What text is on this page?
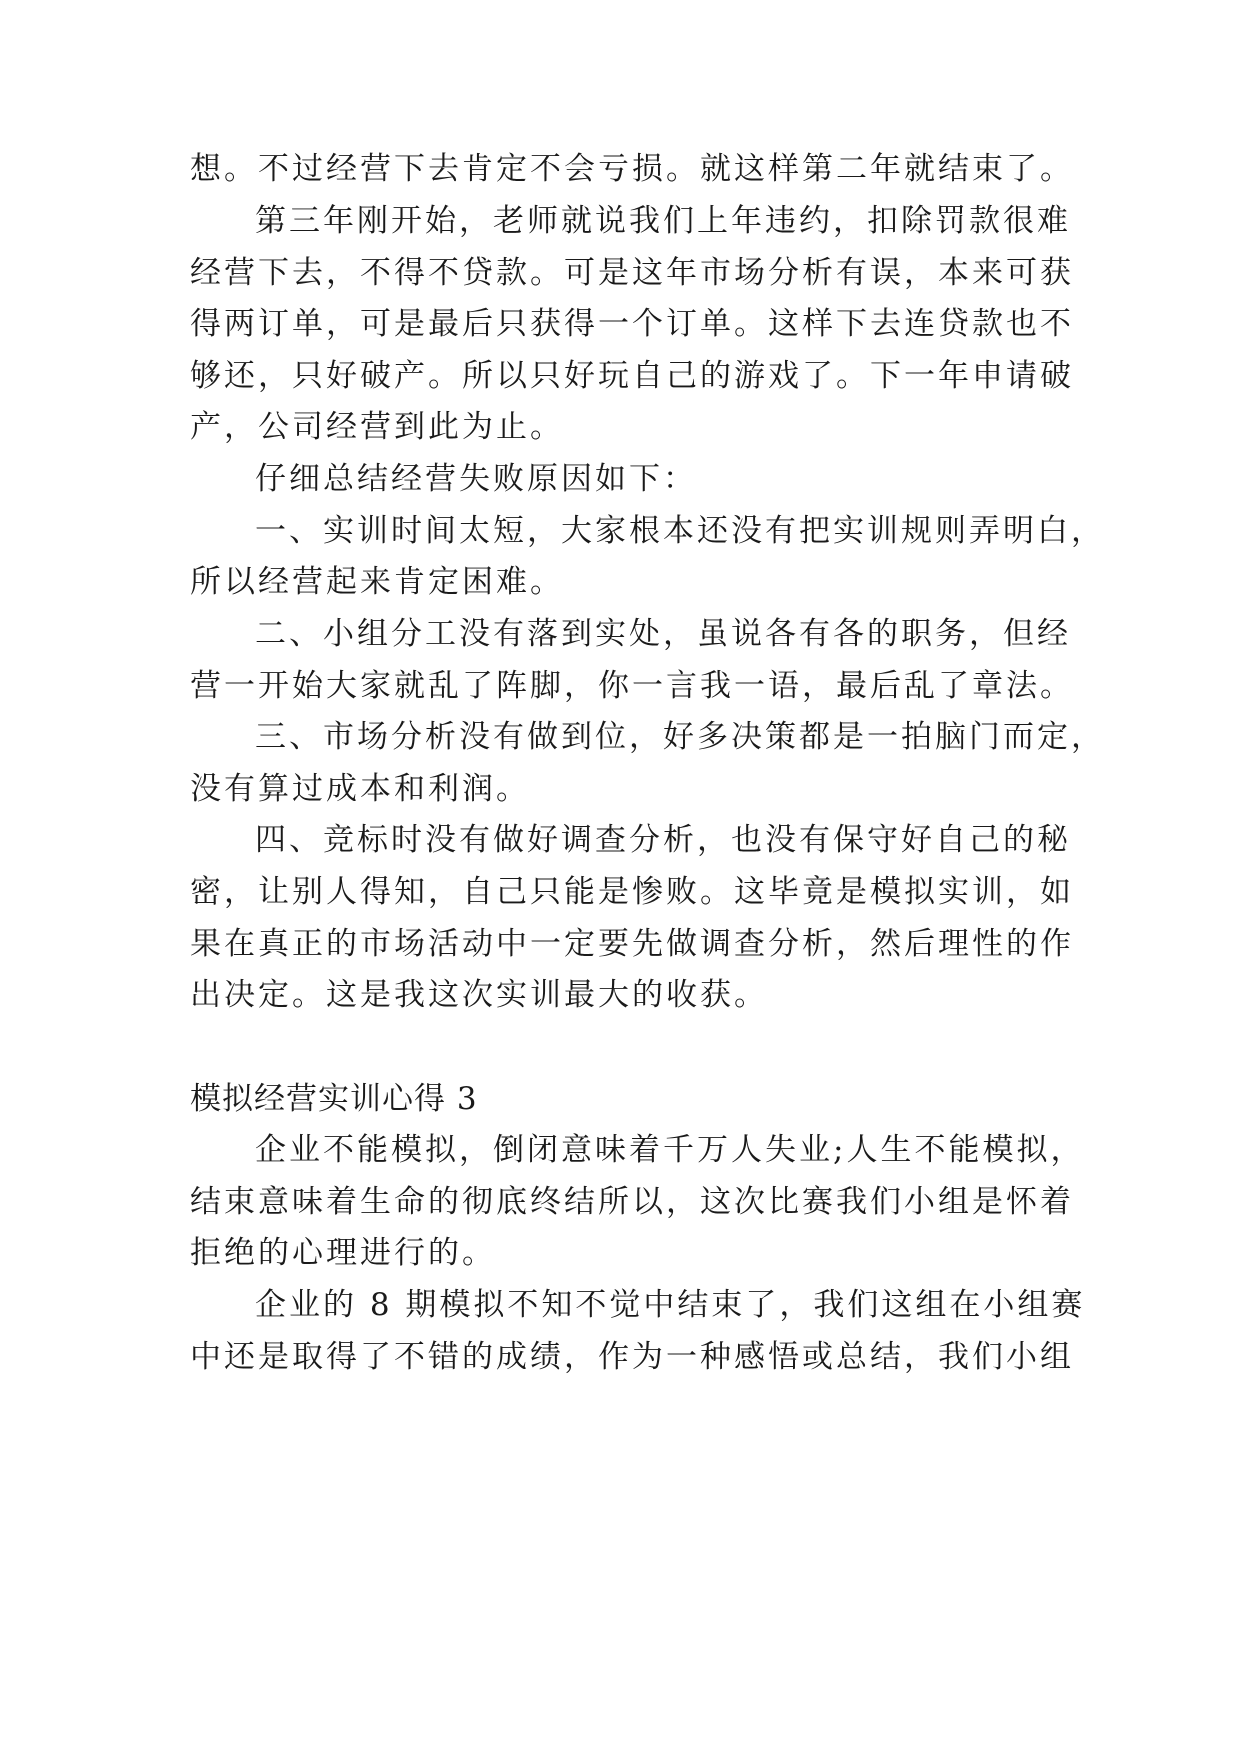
想。不过经营下去肯定不会亏损。就这样第二年就结束了。
第三年刚开始，老师就说我们上年违约，扣除罚款很难
经营下去，不得不贷款。可是这年市场分析有误，本来可获
得两订单，可是最后只获得一个订单。这样下去连贷款也不
够还，只好破产。所以只好玩自己的游戏了。下一年申请破
产，公司经营到此为止。
仔细总结经营失败原因如下：
一、实训时间太短，大家根本还没有把实训规则弄明白，
所以经营起来肯定困难。
二、小组分工没有落到实处，虽说各有各的职务，但经
营一开始大家就乱了阵脚，你一言我一语，最后乱了章法。
三、市场分析没有做到位，好多决策都是一拍脑门而定，
没有算过成本和利润。
四、竞标时没有做好调查分析，也没有保守好自己的秘
密，让别人得知，自己只能是惨败。这毕竟是模拟实训，如
果在真正的市场活动中一定要先做调查分析，然后理性的作
出决定。这是我这次实训最大的收获。
模拟经营实训心得 3
企业不能模拟，倒闭意味着千万人失业;人生不能模拟，
结束意味着生命的彻底终结所以，这次比赛我们小组是怀着
拒绝的心理进行的。
企业的 8 期模拟不知不觉中结束了，我们这组在小组赛
中还是取得了不错的成绩，作为一种感悟或总结，我们小组
